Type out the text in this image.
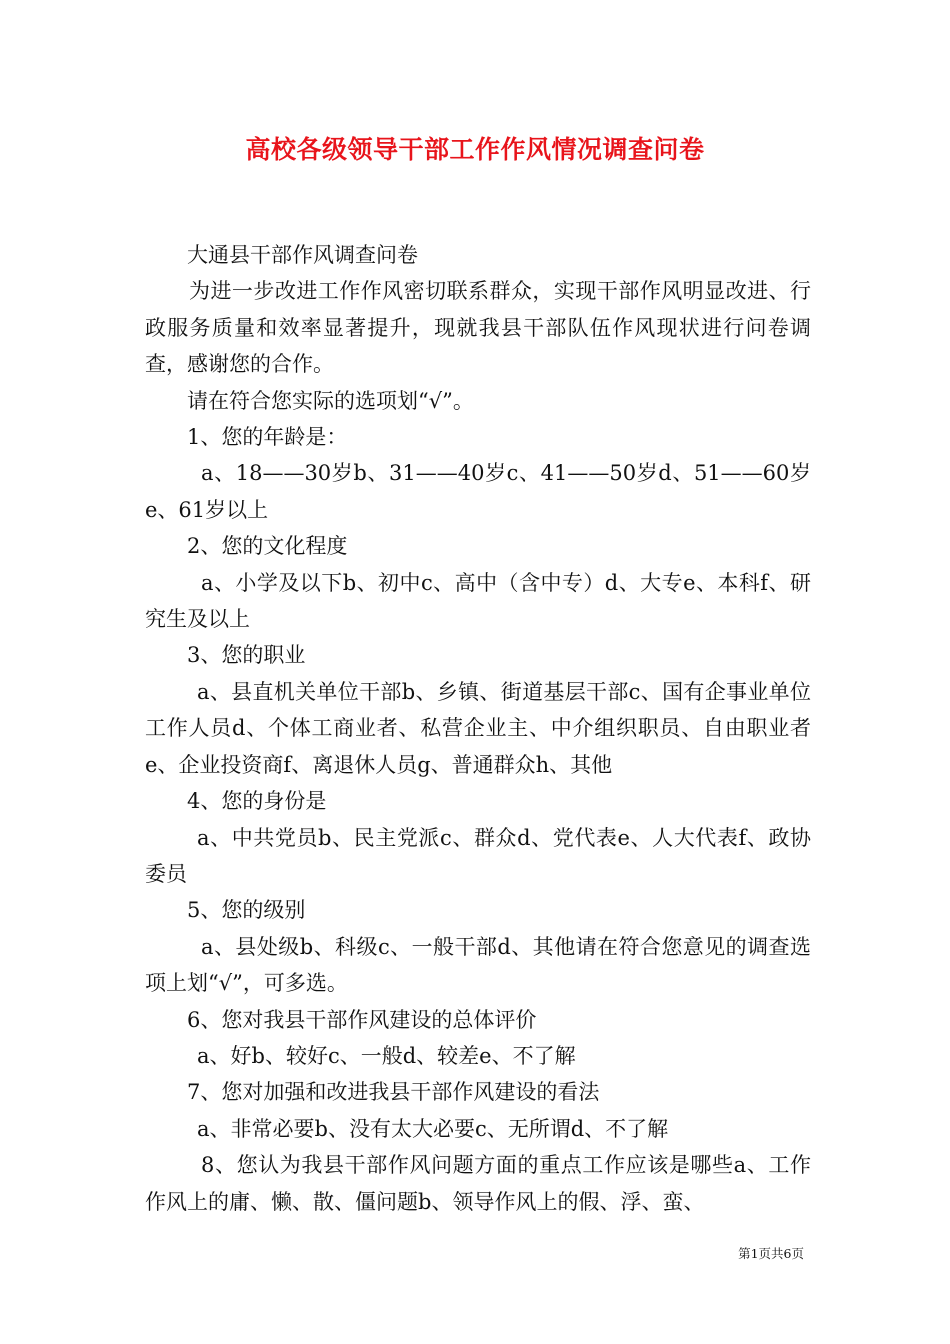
高校各级领导干部工作作风情况调查问卷

大通县干部作风调查问卷

为进一步改进工作作风密切联系群众，实现干部作风明显改进、行政服务质量和效率显著提升，现就我县干部队伍作风现状进行问卷调查，感谢您的合作。

请在符合您实际的选项划“√”。

1、您的年龄是：

a、18——30岁b、31——40岁c、41——50岁d、51——60岁e、61岁以上

2、您的文化程度

a、小学及以下b、初中c、高中（含中专）d、大专e、本科f、研究生及以上

3、您的职业

a、县直机关单位干部b、乡镇、街道基层干部c、国有企事业单位工作人员d、个体工商业者、私营企业主、中介组织职员、自由职业者e、企业投资商f、离退休人员g、普通群众h、其他

4、您的身份是

a、中共党员b、民主党派c、群众d、党代表e、人大代表f、政协委员

5、您的级别

a、县处级b、科级c、一般干部d、其他请在符合您意见的调查选项上划“√”，可多选。

6、您对我县干部作风建设的总体评价

a、好b、较好c、一般d、较差e、不了解

7、您对加强和改进我县干部作风建设的看法

a、非常必要b、没有太大必要c、无所谓d、不了解

8、您认为我县干部作风问题方面的重点工作应该是哪些a、工作作风上的庸、懒、散、僵问题b、领导作风上的假、浮、蛮、

第1页共6页
